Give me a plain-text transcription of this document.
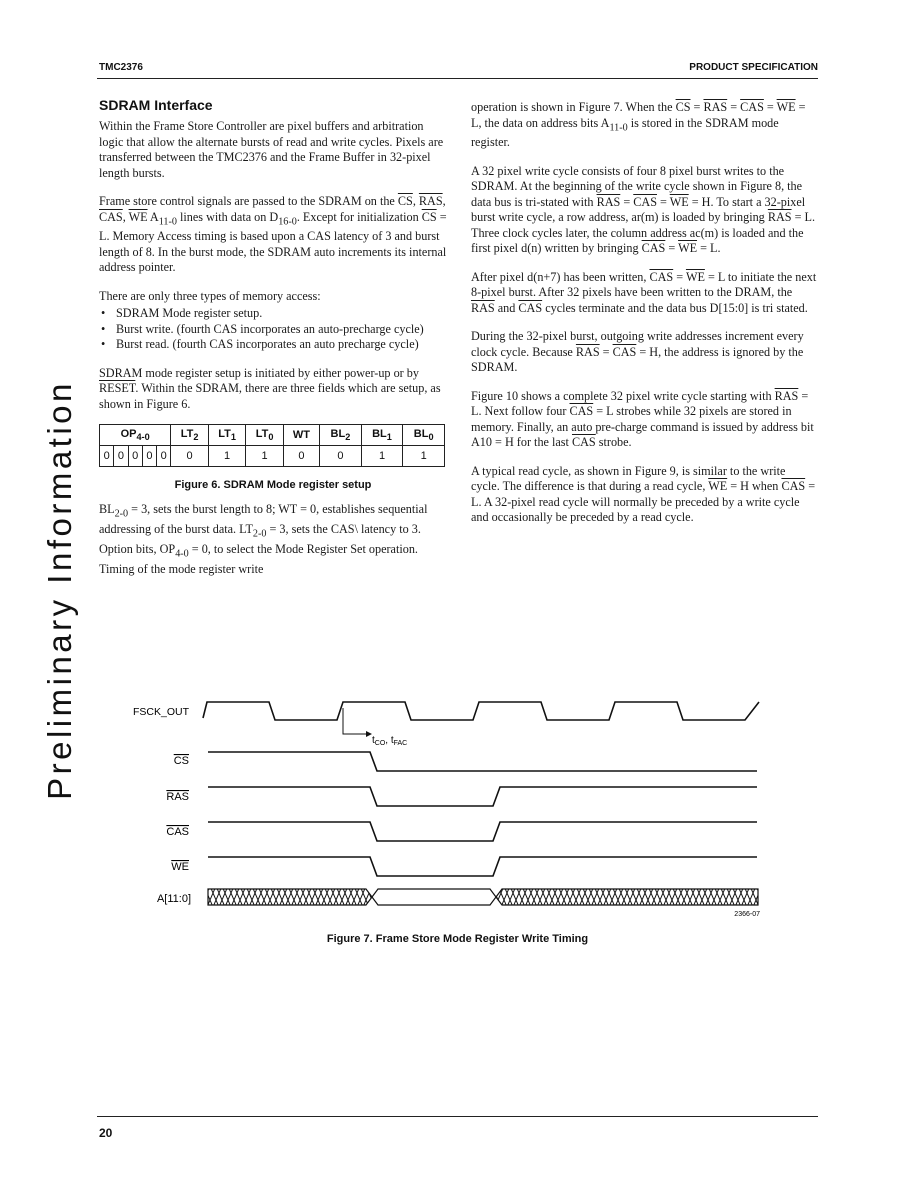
TMC2376	PRODUCT SPECIFICATION
Preliminary Information
SDRAM Interface

Within the Frame Store Controller are pixel buffers and arbitration logic that allow the alternate bursts of read and write cycles. Pixels are transferred between the TMC2376 and the Frame Buffer in 32-pixel length bursts.

Frame store control signals are passed to the SDRAM on the $\overline{CS}$, $\overline{RAS}$, $\overline{CAS}$, $\overline{WE}$ $A_{11-0}$ lines with data on $D_{16-0}$. Except for initialization $\overline{CS} = L$. Memory Access timing is based upon a CAS latency of 3 and burst length of 8. In the burst mode, the SDRAM auto increments its internal address pointer.

There are only three types of memory access:

• SDRAM Mode register setup.
• Burst write. (fourth CAS incorporates an auto-precharge cycle)
• Burst read. (fourth CAS incorporates an auto precharge cycle)

SDRAM mode register setup is initiated by either power-up or by RESET. Within the SDRAM, there are three fields which are setup, as shown in Figure 6.

$OP_{4-0}$					$LT_2$	$LT_1$	$LT_0$	WT	$BL_2$	$BL_1$	$BL_0$
0	0	0	0	0	0	1	1	0	0	1	1
Figure 6. SDRAM Mode register setup
$BL_{2-0} = 3$, sets the burst length to 8; WT = 0, establishes sequential addressing of the burst data. $LT_{2-0} = 3$, sets the CAS\ latency to 3. Option bits, $OP_{4-0} = 0$, to select the Mode Register Set operation. Timing of the mode register write

operation is shown in Figure 7. When the $\overline{CS} = \overline{RAS} = \overline{CAS} = \overline{WE} = L$, the data on address bits $A_{11-0}$ is stored in the SDRAM mode register.

A 32 pixel write cycle consists of four 8 pixel burst writes to the SDRAM. At the beginning of the write cycle shown in Figure 8, the data bus is tri-stated with $\overline{RAS} = \overline{CAS} = \overline{WE} = H$. To start a 32-pixel burst write cycle, a row address, ar(m) is loaded by bringing $\overline{RAS} = L$. Three clock cycles later, the column address ac(m) is loaded and the first pixel d(n) written by bringing $\overline{CAS} = \overline{WE} = L$.

After pixel d(n+7) has been written, $\overline{CAS} = \overline{WE} = L$ to initiate the next 8-pixel burst. After 32 pixels have been written to the DRAM, the $\overline{RAS}$ and $\overline{CAS}$ cycles terminate and the data bus D[15:0] is tri stated.

During the 32-pixel burst, outgoing write addresses increment every clock cycle. Because $\overline{RAS} = \overline{CAS} = H$, the address is ignored by the SDRAM.

Figure 10 shows a complete 32 pixel write cycle starting with $\overline{RAS} = L$. Next follow four $\overline{CAS} = L$ strobes while 32 pixels are stored in memory. Finally, an auto pre-charge command is issued by address bit A10 = H for the last $\overline{CAS}$ strobe.

A typical read cycle, as shown in Figure 9, is similar to the write cycle. The difference is that during a read cycle, $\overline{WE} = H$ when $\overline{CAS} = L$. A 32-pixel read cycle will normally be preceded by a write cycle and occasionally be preceded by a read cycle.

FSCK_OUT
CS
RAS
CAS
WE
A[11:0]
$t_{CO}$, $t_{FAC}$
2366-07
Figure 7. Frame Store Mode Register Write Timing
20
